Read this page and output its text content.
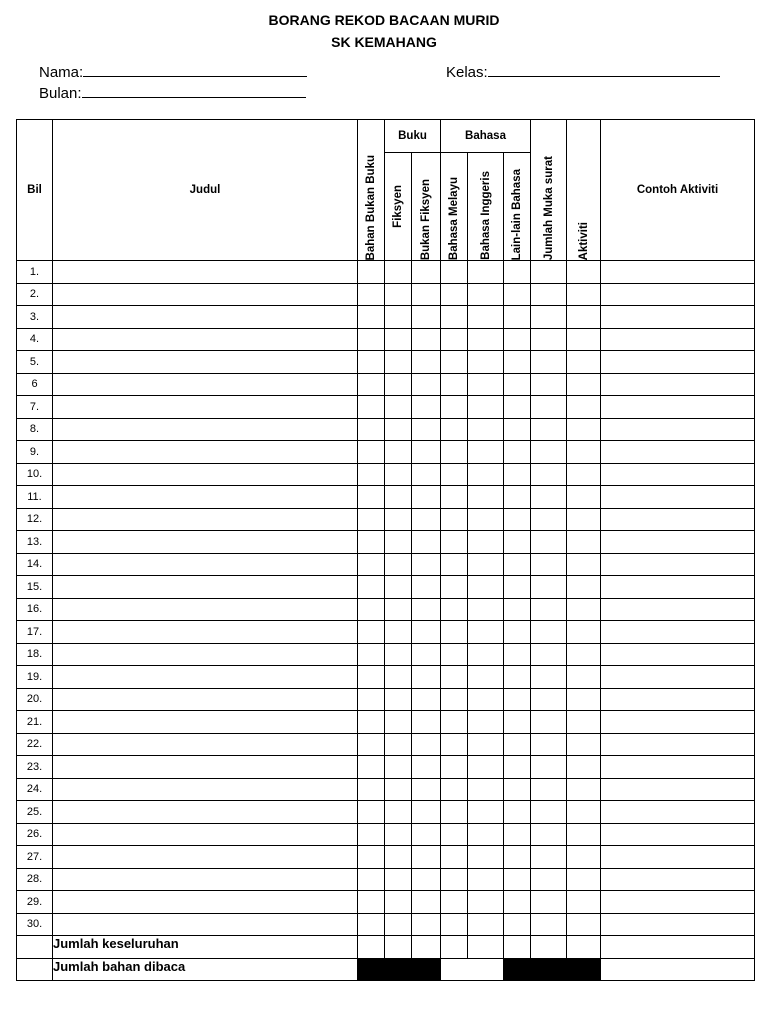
BORANG REKOD BACAAN MURID
SK KEMAHANG
Nama:	Kelas:
Bulan:
Bil	Judul	Bahan Bukan Buku	Buku		Bahasa			Jumlah Muka surat	Aktiviti	Contoh Aktiviti

			Fiksyen	Bukan Fiksyen	Bahasa Melayu	Bahasa Inggeris	Lain-lain Bahasa			

1.										
2.										
3.										
4.										
5.										
6										
7.										
8.										
9.										
10.										
11.										
12.										
13.										
14.										
15.										
16.										
17.										
18.										
19.										
20.										
21.										
22.										
23.										
24.										
25.										
26.										
27.										
28.										
29.										
30.										
	Jumlah keseluruhan									
	Jumlah bahan dibaca									
